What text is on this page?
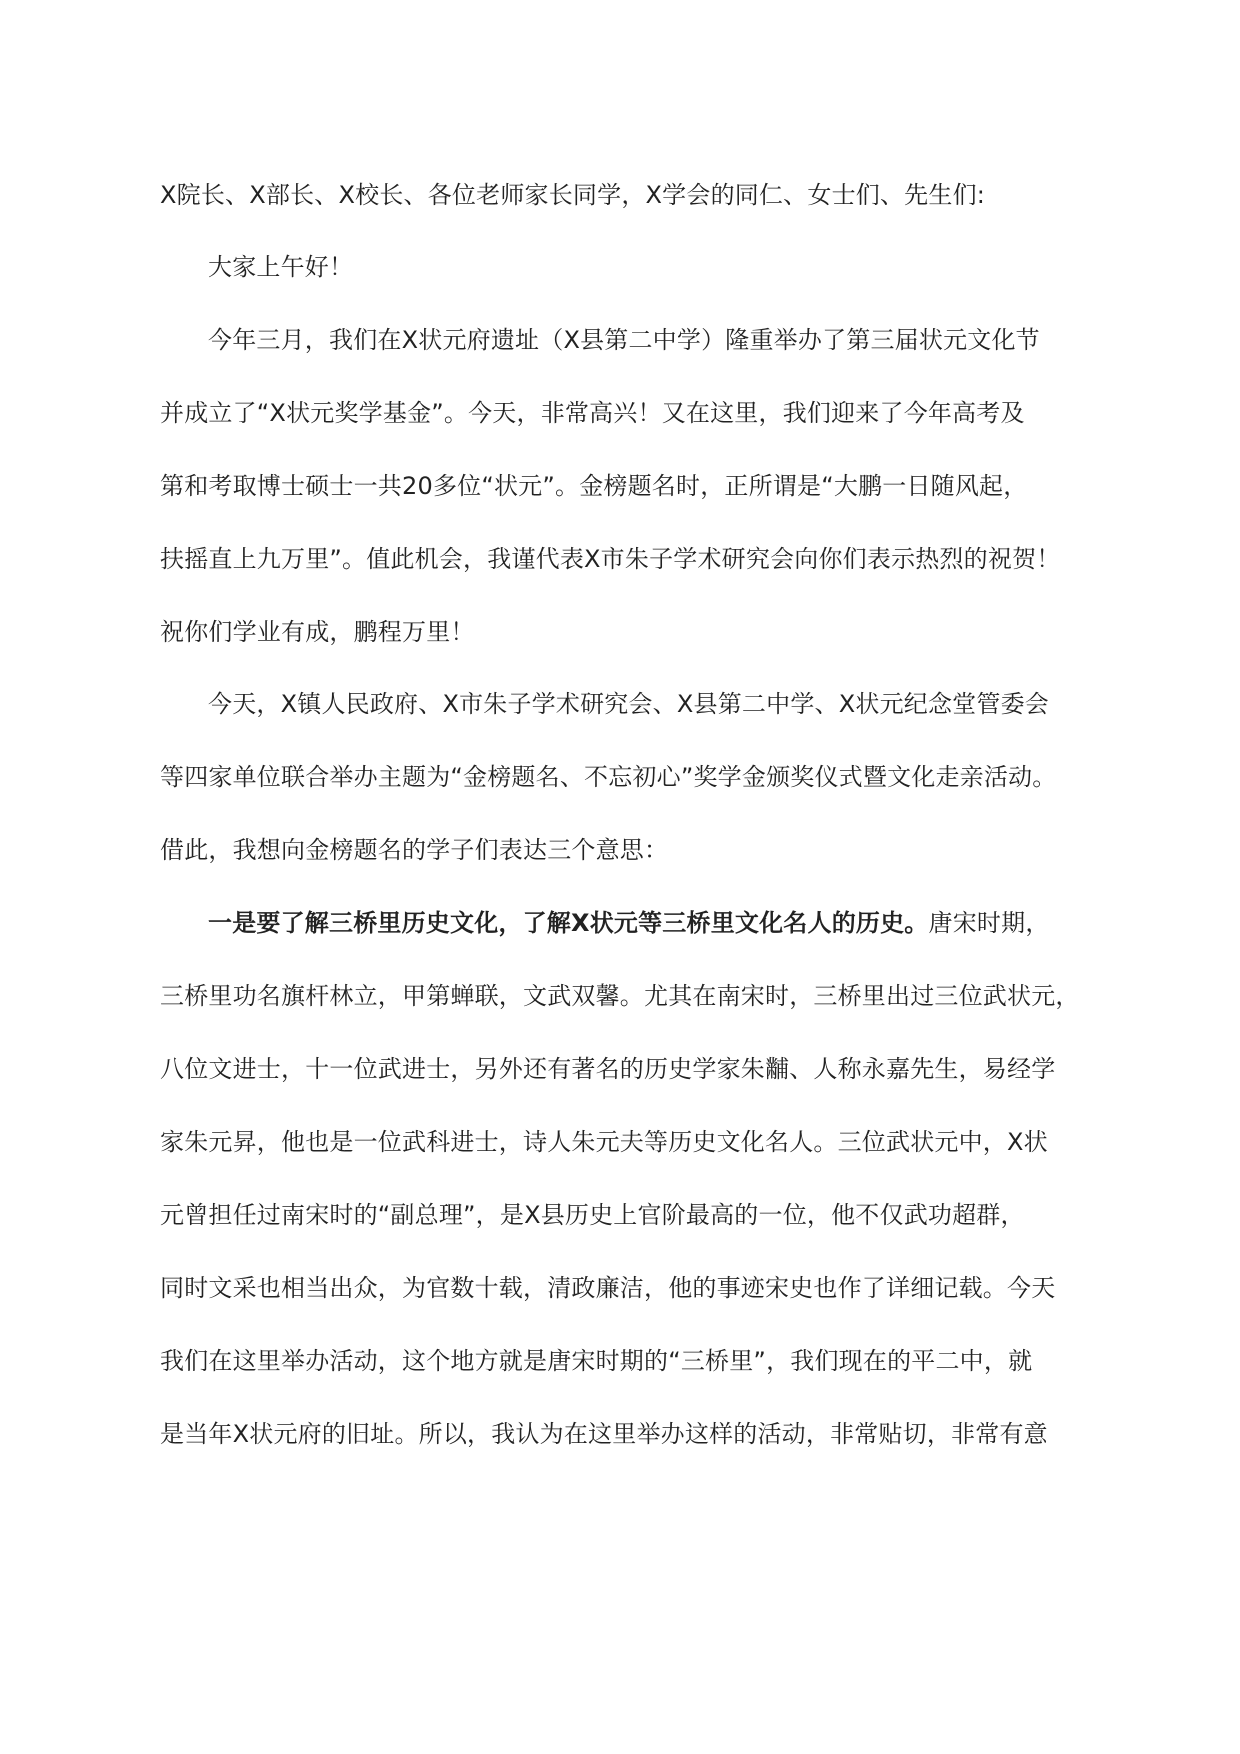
X院长、X部长、X校长、各位老师家长同学，X学会的同仁、女士们、先生们:
大家上午好！
今年三月，我们在X状元府遗址（X县第二中学）隆重举办了第三届状元文化节
并成立了“X状元奖学基金”。今天，非常高兴！又在这里，我们迎来了今年高考及
第和考取博士硕士一共20多位“状元”。金榜题名时，正所谓是“大鹏一日随风起，
扶摇直上九万里”。值此机会，我谨代表X市朱子学术研究会向你们表示热烈的祝贺！
祝你们学业有成，鹏程万里！
今天，X镇人民政府、X市朱子学术研究会、X县第二中学、X状元纪念堂管委会
等四家单位联合举办主题为“金榜题名、不忘初心”奖学金颁奖仪式暨文化走亲活动。
借此，我想向金榜题名的学子们表达三个意思：
一是要了解三桥里历史文化，了解X状元等三桥里文化名人的历史。唐宋时期，
三桥里功名旗杆林立，甲第蝉联，文武双馨。尤其在南宋时，三桥里出过三位武状元，
八位文进士，十一位武进士，另外还有著名的历史学家朱黼、人称永嘉先生，易经学
家朱元昇，他也是一位武科进士，诗人朱元夫等历史文化名人。三位武状元中，X状
元曾担任过南宋时的“副总理”，是X县历史上官阶最高的一位，他不仅武功超群，
同时文采也相当出众，为官数十载，清政廉洁，他的事迹宋史也作了详细记载。今天
我们在这里举办活动，这个地方就是唐宋时期的“三桥里”，我们现在的平二中，就
是当年X状元府的旧址。所以，我认为在这里举办这样的活动，非常贴切，非常有意
